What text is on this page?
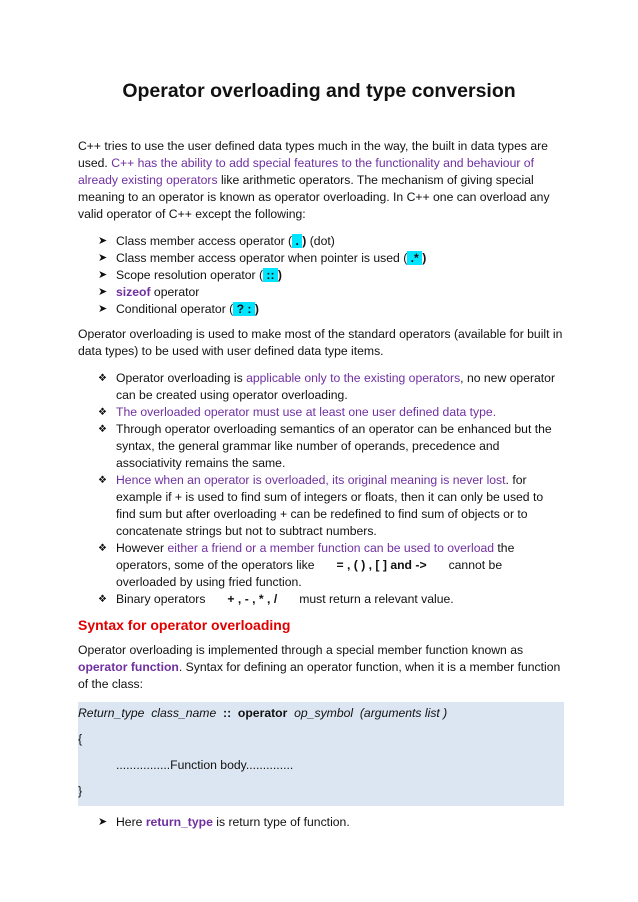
Operator overloading and type conversion

C++ tries to use the user defined data types much in the way, the built in data types are used. C++ has the ability to add special features to the functionality and behaviour of already existing operators like arithmetic operators. The mechanism of giving special meaning to an operator is known as operator overloading. In C++ one can overload any valid operator of C++ except the following:

➤ Class member access operator ( . ) (dot)
➤ Class member access operator when pointer is used ( .* )
➤ Scope resolution operator ( :: )
➤ sizeof operator
➤ Conditional operator ( ? : )

Operator overloading is used to make most of the standard operators (available for built in data types) to be used with user defined data type items.

❖ Operator overloading is applicable only to the existing operators, no new operator can be created using operator overloading.
❖ The overloaded operator must use at least one user defined data type.
❖ Through operator overloading semantics of an operator can be enhanced but the syntax, the general grammar like number of operands, precedence and associativity remains the same.
❖ Hence when an operator is overloaded, its original meaning is never lost. for example if + is used to find sum of integers or floats, then it can only be used to find sum but after overloading + can be redefined to find sum of objects or to concatenate strings but not to subtract numbers.
❖ However either a friend or a member function can be used to overload the operators, some of the operators like = , ( ) , [ ] and -> cannot be overloaded by using fried function.
❖ Binary operators + , - , * , / must return a relevant value.
Syntax for operator overloading

Operator overloading is implemented through a special member function known as operator function. Syntax for defining an operator function, when it is a member function of the class:

Return_type class_name :: operator op_symbol (arguments list )
{
................Function body..............
}
➤ Here return_type is return type of function.
